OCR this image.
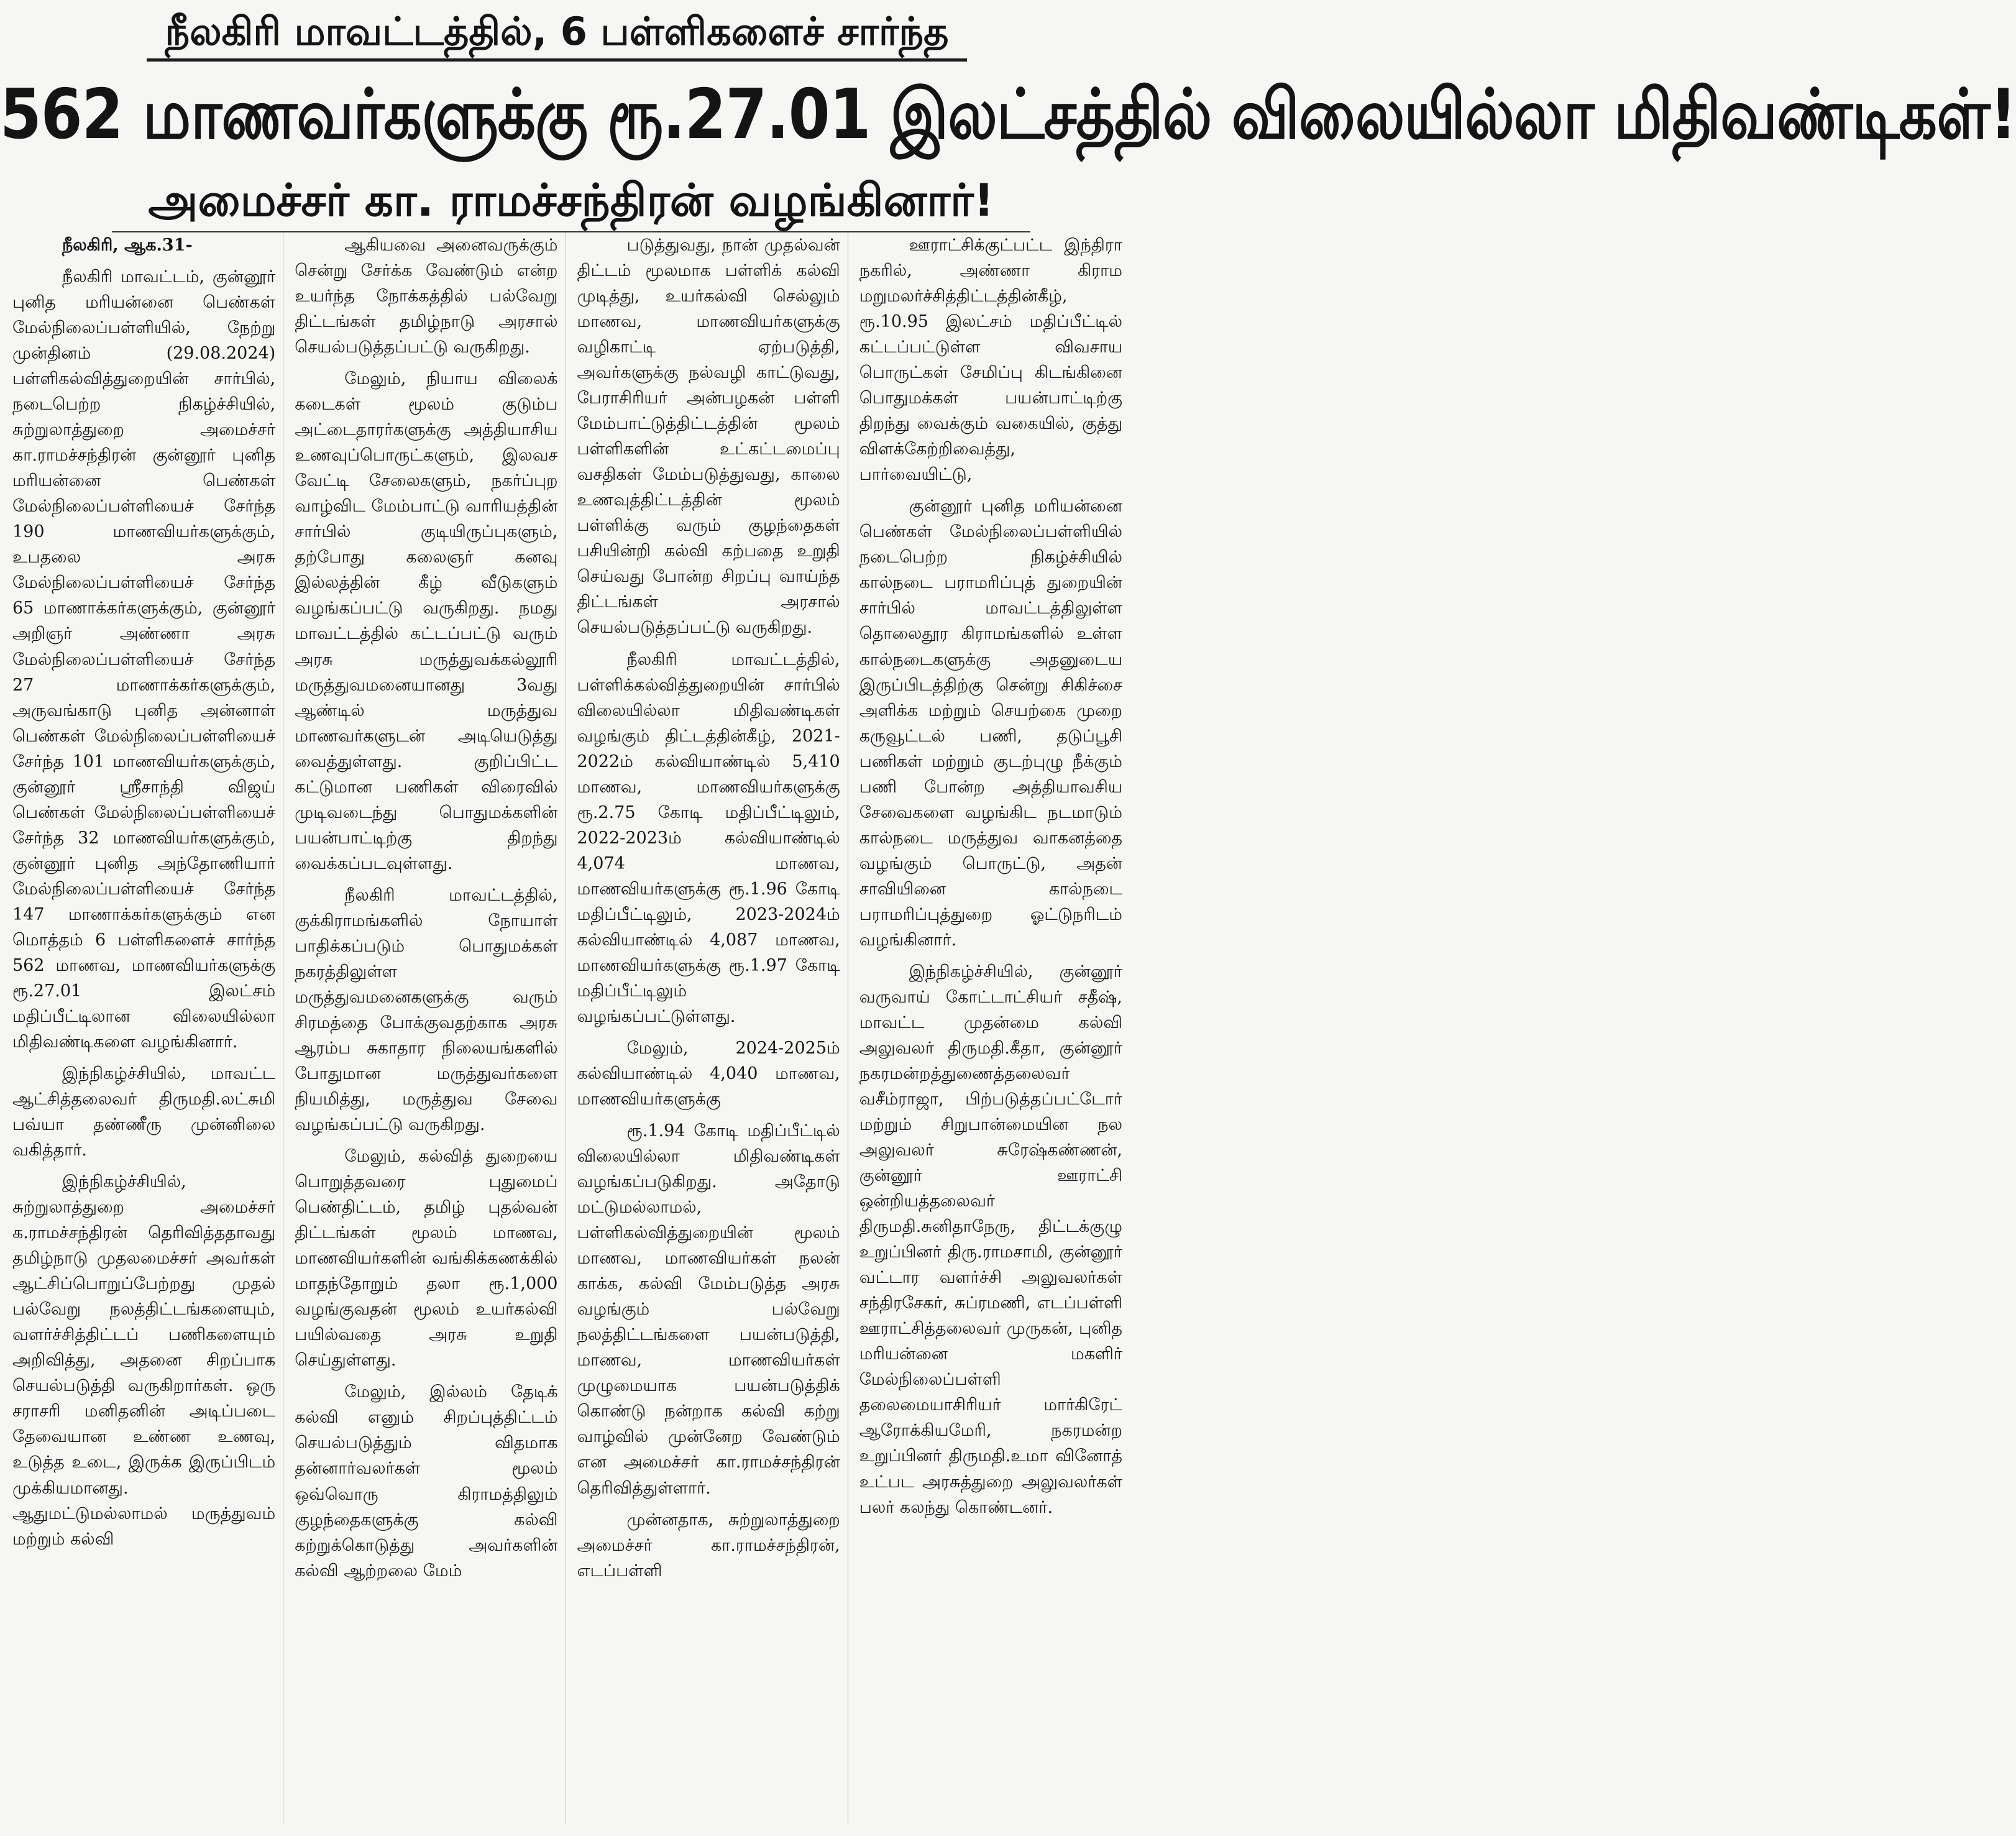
நீலகிரி மாவட்டத்தில், 6 பள்ளிகளைச் சார்ந்த
562 மாணவர்களுக்கு ரூ.27.01 இலட்சத்தில் விலையில்லா மிதிவண்டிகள்!
அமைச்சர் கா. ராமச்சந்திரன் வழங்கினார்!

நீலகிரி, ஆக.31-

நீலகிரி மாவட்டம், குன்னூர் புனித மரியன்னை பெண்கள் மேல்நிலைப்பள்ளியில், நேற்று முன்தினம் (29.08.2024) பள்ளிகல்வித்துறையின் சார்பில், நடைபெற்ற நிகழ்ச்சியில், சுற்றுலாத்துறை அமைச்சர் கா.ராமச்சந்திரன் குன்னூர் புனித மரியன்னை பெண்கள் மேல்நிலைப்பள்ளியைச் சேர்ந்த 190 மாணவியர்களுக்கும், உபதலை அரசு மேல்நிலைப்பள்ளியைச் சேர்ந்த 65 மாணாக்கர்களுக்கும், குன்னூர் அறிஞர் அண்ணா அரசு மேல்நிலைப்பள்ளியைச் சேர்ந்த 27 மாணாக்கர்களுக்கும், அருவங்காடு புனித அன்னாள் பெண்கள் மேல்நிலைப்பள்ளியைச் சேர்ந்த 101 மாணவியர்களுக்கும், குன்னூர் ஸ்ரீசாந்தி விஜய் பெண்கள் மேல்நிலைப்பள்ளியைச் சேர்ந்த 32 மாணவியர்களுக்கும், குன்னூர் புனித அந்தோணியார் மேல்நிலைப்பள்ளியைச் சேர்ந்த 147 மாணாக்கர்களுக்கும் என மொத்தம் 6 பள்ளிகளைச் சார்ந்த 562 மாணவ, மாணவியர்களுக்கு ரூ.27.01 இலட்சம் மதிப்பீட்டிலான விலையில்லா மிதிவண்டிகளை வழங்கினார்.

இந்நிகழ்ச்சியில், மாவட்ட ஆட்சித்தலைவர் திருமதி.லட்சுமி பவ்யா தண்ணீரு முன்னிலை வகித்தார்.

இந்நிகழ்ச்சியில், சுற்றுலாத்துறை அமைச்சர் க.ராமச்சந்திரன் தெரிவித்ததாவது தமிழ்நாடு முதலமைச்சர் அவர்கள் ஆட்சிப்பொறுப்பேற்றது முதல் பல்வேறு நலத்திட்டங்களையும், வளர்ச்சித்திட்டப் பணிகளையும் அறிவித்து, அதனை சிறப்பாக செயல்படுத்தி வருகிறார்கள். ஒரு சராசரி மனிதனின் அடிப்படை தேவையான உண்ண உணவு, உடுத்த உடை, இருக்க இருப்பிடம் முக்கியமானது. ஆதுமட்டுமல்லாமல் மருத்துவம் மற்றும் கல்வி

ஆகியவை அனைவருக்கும் சென்று சேர்க்க வேண்டும் என்ற உயர்ந்த நோக்கத்தில் பல்வேறு திட்டங்கள் தமிழ்நாடு அரசால் செயல்படுத்தப்பட்டு வருகிறது.

மேலும், நியாய விலைக் கடைகள் மூலம் குடும்ப அட்டைதாரர்களுக்கு அத்தியாசிய உணவுப்பொருட்களும், இலவச வேட்டி சேலைகளும், நகர்ப்புற வாழ்விட மேம்பாட்டு வாரியத்தின் சார்பில் குடியிருப்புகளும், தற்போது கலைஞர் கனவு இல்லத்தின் கீழ் வீடுகளும் வழங்கப்பட்டு வருகிறது. நமது மாவட்டத்தில் கட்டப்பட்டு வரும் அரசு மருத்துவக்கல்லூரி மருத்துவமனையானது 3வது ஆண்டில் மருத்துவ மாணவர்களுடன் அடியெடுத்து வைத்துள்ளது. குறிப்பிட்ட கட்டுமான பணிகள் விரைவில் முடிவடைந்து பொதுமக்களின் பயன்பாட்டிற்கு திறந்து வைக்கப்படவுள்ளது.

நீலகிரி மாவட்டத்தில், குக்கிராமங்களில் நோயாள் பாதிக்கப்படும் பொதுமக்கள் நகரத்திலுள்ள மருத்துவமனைகளுக்கு வரும் சிரமத்தை போக்குவதற்காக அரசு ஆரம்ப சுகாதார நிலையங்களில் போதுமான மருத்துவர்களை நியமித்து, மருத்துவ சேவை வழங்கப்பட்டு வருகிறது.

மேலும், கல்வித் துறையை பொறுத்தவரை புதுமைப் பெண்திட்டம், தமிழ் புதல்வன் திட்டங்கள் மூலம் மாணவ, மாணவியர்களின் வங்கிக்கணக்கில் மாதந்தோறும் தலா ரூ.1,000 வழங்குவதன் மூலம் உயர்கல்வி பயில்வதை அரசு உறுதி செய்துள்ளது.

மேலும், இல்லம் தேடிக் கல்வி எனும் சிறப்புத்திட்டம் செயல்படுத்தும் விதமாக தன்னார்வலர்கள் மூலம் ஒவ்வொரு கிராமத்திலும் குழந்தைகளுக்கு கல்வி கற்றுக்கொடுத்து அவர்களின் கல்வி ஆற்றலை மேம்

படுத்துவது, நான் முதல்வன் திட்டம் மூலமாக பள்ளிக் கல்வி முடித்து, உயர்கல்வி செல்லும் மாணவ, மாணவியர்களுக்கு வழிகாட்டி ஏற்படுத்தி, அவர்களுக்கு நல்வழி காட்டுவது, பேராசிரியர் அன்பழகன் பள்ளி மேம்பாட்டுத்திட்டத்தின் மூலம் பள்ளிகளின் உட்கட்டமைப்பு வசதிகள் மேம்படுத்துவது, காலை உணவுத்திட்டத்தின் மூலம் பள்ளிக்கு வரும் குழந்தைகள் பசியின்றி கல்வி கற்பதை உறுதி செய்வது போன்ற சிறப்பு வாய்ந்த திட்டங்கள் அரசால் செயல்படுத்தப்பட்டு வருகிறது.

நீலகிரி மாவட்டத்தில், பள்ளிக்கல்வித்துறையின் சார்பில் விலையில்லா மிதிவண்டிகள் வழங்கும் திட்டத்தின்கீழ், 2021-2022ம் கல்வியாண்டில் 5,410 மாணவ, மாணவியர்களுக்கு ரூ.2.75 கோடி மதிப்பீட்டிலும், 2022-2023ம் கல்வியாண்டில் 4,074 மாணவ, மாணவியர்களுக்கு ரூ.1.96 கோடி மதிப்பீட்டிலும், 2023-2024ம் கல்வியாண்டில் 4,087 மாணவ, மாணவியர்களுக்கு ரூ.1.97 கோடி மதிப்பீட்டிலும் வழங்கப்பட்டுள்ளது.

மேலும், 2024-2025ம் கல்வியாண்டில் 4,040 மாணவ, மாணவியர்களுக்கு

ரூ.1.94 கோடி மதிப்பீட்டில் விலையில்லா மிதிவண்டிகள் வழங்கப்படுகிறது. அதோடு மட்டுமல்லாமல், பள்ளிகல்வித்துறையின் மூலம் மாணவ, மாணவியர்கள் நலன் காக்க, கல்வி மேம்படுத்த அரசு வழங்கும் பல்வேறு நலத்திட்டங்களை பயன்படுத்தி, மாணவ, மாணவியர்கள் முழுமையாக பயன்படுத்திக் கொண்டு நன்றாக கல்வி கற்று வாழ்வில் முன்னேற வேண்டும் என அமைச்சர் கா.ராமச்சந்திரன் தெரிவித்துள்ளார்.

முன்னதாக, சுற்றுலாத்துறை அமைச்சர் கா.ராமச்சந்திரன், எடப்பள்ளி

ஊராட்சிக்குட்பட்ட இந்திரா நகரில், அண்ணா கிராம மறுமலர்ச்சித்திட்டத்தின்கீழ், ரூ.10.95 இலட்சம் மதிப்பீட்டில் கட்டப்பட்டுள்ள விவசாய பொருட்கள் சேமிப்பு கிடங்கினை பொதுமக்கள் பயன்பாட்டிற்கு திறந்து வைக்கும் வகையில், குத்து விளக்கேற்றிவைத்து, பார்வையிட்டு,

குன்னூர் புனித மரியன்னை பெண்கள் மேல்நிலைப்பள்ளியில் நடைபெற்ற நிகழ்ச்சியில் கால்நடை பராமரிப்புத் துறையின் சார்பில் மாவட்டத்திலுள்ள தொலைதூர கிராமங்களில் உள்ள கால்நடைகளுக்கு அதனுடைய இருப்பிடத்திற்கு சென்று சிகிச்சை அளிக்க மற்றும் செயற்கை முறை கருவூட்டல் பணி, தடுப்பூசி பணிகள் மற்றும் குடற்புழு நீக்கும் பணி போன்ற அத்தியாவசிய சேவைகளை வழங்கிட நடமாடும் கால்நடை மருத்துவ வாகனத்தை வழங்கும் பொருட்டு, அதன் சாவியினை கால்நடை பராமரிப்புத்துறை ஓட்டுநரிடம் வழங்கினார்.

இந்நிகழ்ச்சியில், குன்னூர் வருவாய் கோட்டாட்சியர் சதீஷ், மாவட்ட முதன்மை கல்வி அலுவலர் திருமதி.கீதா, குன்னூர் நகரமன்றத்துணைத்தலைவர் வசீம்ராஜா, பிற்படுத்தப்பட்டோர் மற்றும் சிறுபான்மையின நல அலுவலர் சுரேஷ்கண்ணன், குன்னூர் ஊராட்சி ஒன்றியத்தலைவர் திருமதி.சுனிதாநேரு, திட்டக்குழு உறுப்பினர் திரு.ராமசாமி, குன்னூர் வட்டார வளர்ச்சி அலுவலர்கள் சந்திரசேகர், சுப்ரமணி, எடப்பள்ளி ஊராட்சித்தலைவர் முருகன், புனித மரியன்னை மகளிர் மேல்நிலைப்பள்ளி தலைமையாசிரியர் மார்கிரேட் ஆரோக்கியமேரி, நகரமன்ற உறுப்பினர் திருமதி.உமா வினோத் உட்பட அரசுத்துறை அலுவலர்கள் பலர் கலந்து கொண்டனர்.
